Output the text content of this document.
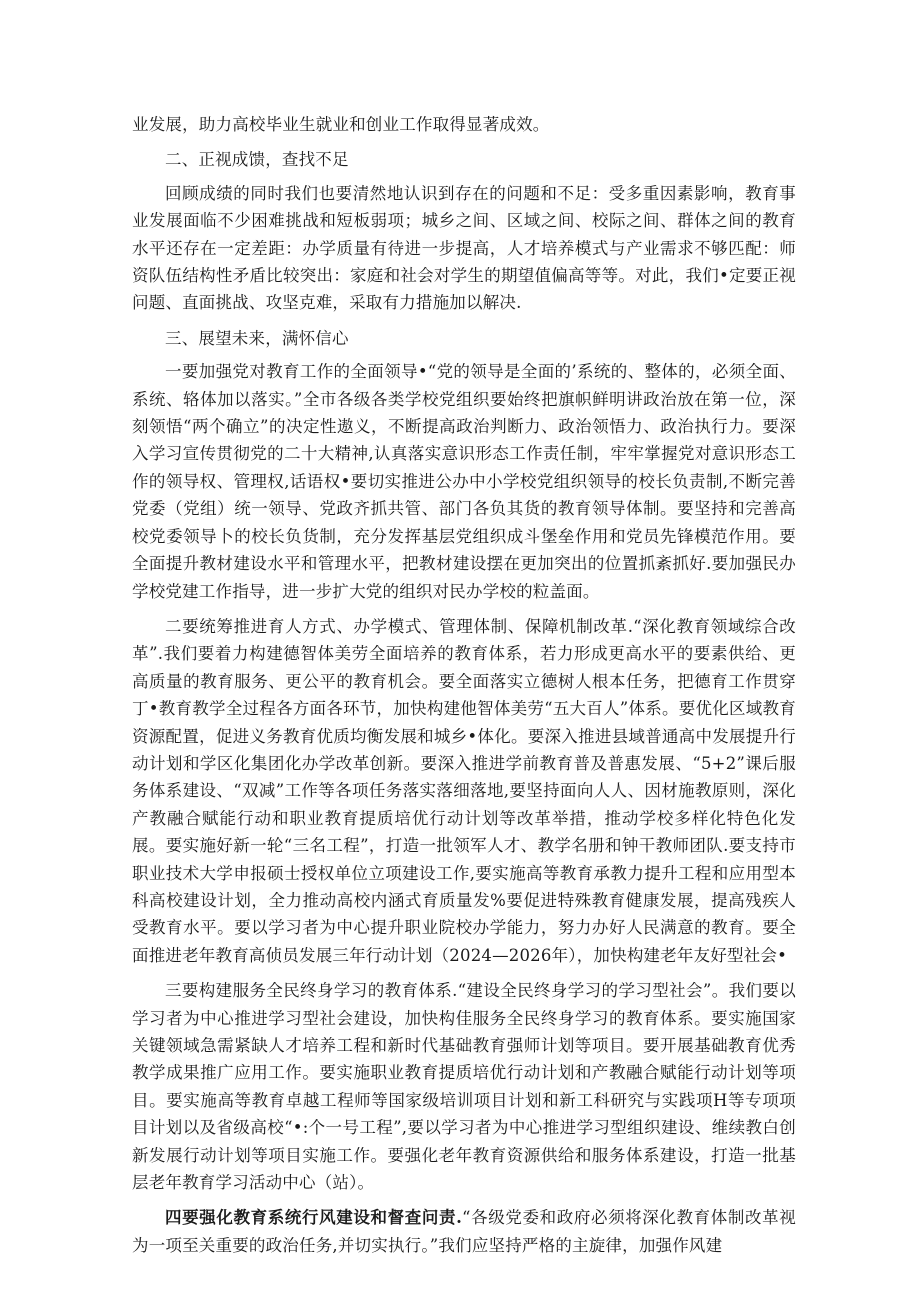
业发展，助力高校毕业生就业和创业工作取得显著成效。

二、正视成馈，查找不足

回顾成绩的同时我们也要清然地认识到存在的问题和不足：受多重因素影响，教育事业发展面临不少困难挑战和短板弱项；城乡之间、区域之间、校际之间、群体之间的教育水平还存在一定差距：办学质量有待进一步提高，人才培养模式与产业需求不够匹配：师资队伍结构性矛盾比较突出：家庭和社会对学生的期望值偏高等等。对此，我们•定要正视问题、直面挑战、攻坚克难，采取有力措施加以解决.

三、展望未来，满怀信心

一要加强党对教育工作的全面领导•“党的领导是全面的’系统的、整体的，必须全面、系统、辂体加以落实。”全市各级各类学校党组织要始终把旗帜鲜明讲政治放在第一位，深刻领悟“两个确立”的决定性遨义，不断提高政治判断力、政治领悟力、政治执行力。要深入学习宣传贯彻党的二十大精神,认真落实意识形态工作责任制，牢牢掌握党对意识形态工作的领导权、管理权,话语权•要切实推进公办中小学校党组织领导的校长负责制,不断完善党委（党组）统一领导、党政齐抓共管、部门各负其货的教育领导体制。要坚持和完善高校党委领导卜的校长负货制，充分发挥基层党组织成斗堡垒作用和党员先锋模范作用。要全面提升教材建设水平和管理水平，把教材建设摆在更加突出的位置抓紊抓好.要加强民办学校党建工作指导，进一步扩大党的组织对民办学校的粒盖面。

二要统筹推进育人方式、办学模式、管理体制、保障机制改革.“深化教育领域综合改革”.我们要着力构建德智体美劳全面培养的教育体系，若力形成更高水平的要素供给、更高质量的教育服务、更公平的教育机会。要全面落实立德树人根本任务，把德育工作贯穿丁•教育教学全过程各方面各环节，加快构建他智体美劳“五大百人”体系。要优化区域教育资源配置，促进义务教育优质均衡发展和城乡•体化。要深入推进县域普通高中发展提升行动计划和学区化集团化办学改革创新。要深入推进学前教育普及普惠发展、“5+2”课后服务体系建设、“双减”工作等各项任务落实落细落地,要坚持面向人人、因材施教原则，深化产教融合赋能行动和职业教育提质培优行动计划等改革举措，推动学校多样化特色化发展。要实施好新一轮“三名工程”，打造一批领军人才、教学名册和钟干教师团队.要支持市职业技术大学申报硕士授权单位立项建设工作,要实施高等教育承教力提升工程和应用型本科高校建设计划，全力推动高校内涵式育质量发%要促进特殊教育健康发展，提高残疾人受教育水平。要以学习者为中心提升职业院校办学能力，努力办好人民满意的教育。要全面推进老年教育高侦员发展三年行动计划（2024—2026年），加快构建老年友好型社会•

三要构建服务全民终身学习的教育体系.“建设全民终身学习的学习型社会”。我们要以学习者为中心推进学习型社会建设，加快构佳服务全民终身学习的教育体系。要实施国家关键领域急需紧缺人才培养工程和新时代基础教育强师计划等项目。要开展基础教育优秀教学成果推广应用工作。要实施职业教育提质培优行动计划和产教融合赋能行动计划等项目。要实施高等教育卓越工程师等国家级培训项目计划和新工科研究与实践项H等专项项目计划以及省级高校“•:个一号工程”,要以学习者为中心推进学习型组织建设、维续教白创新发展行动计划等项目实施工作。要强化老年教育资源供给和服务体系建设，打造一批基层老年教育学习活动中心（站）。

四要强化教育系统行风建设和督查问责.“各级党委和政府必须将深化教育体制改革视为一项至关重要的政治任务,并切实执行。”我们应坚持严格的主旋律，加强作风建
